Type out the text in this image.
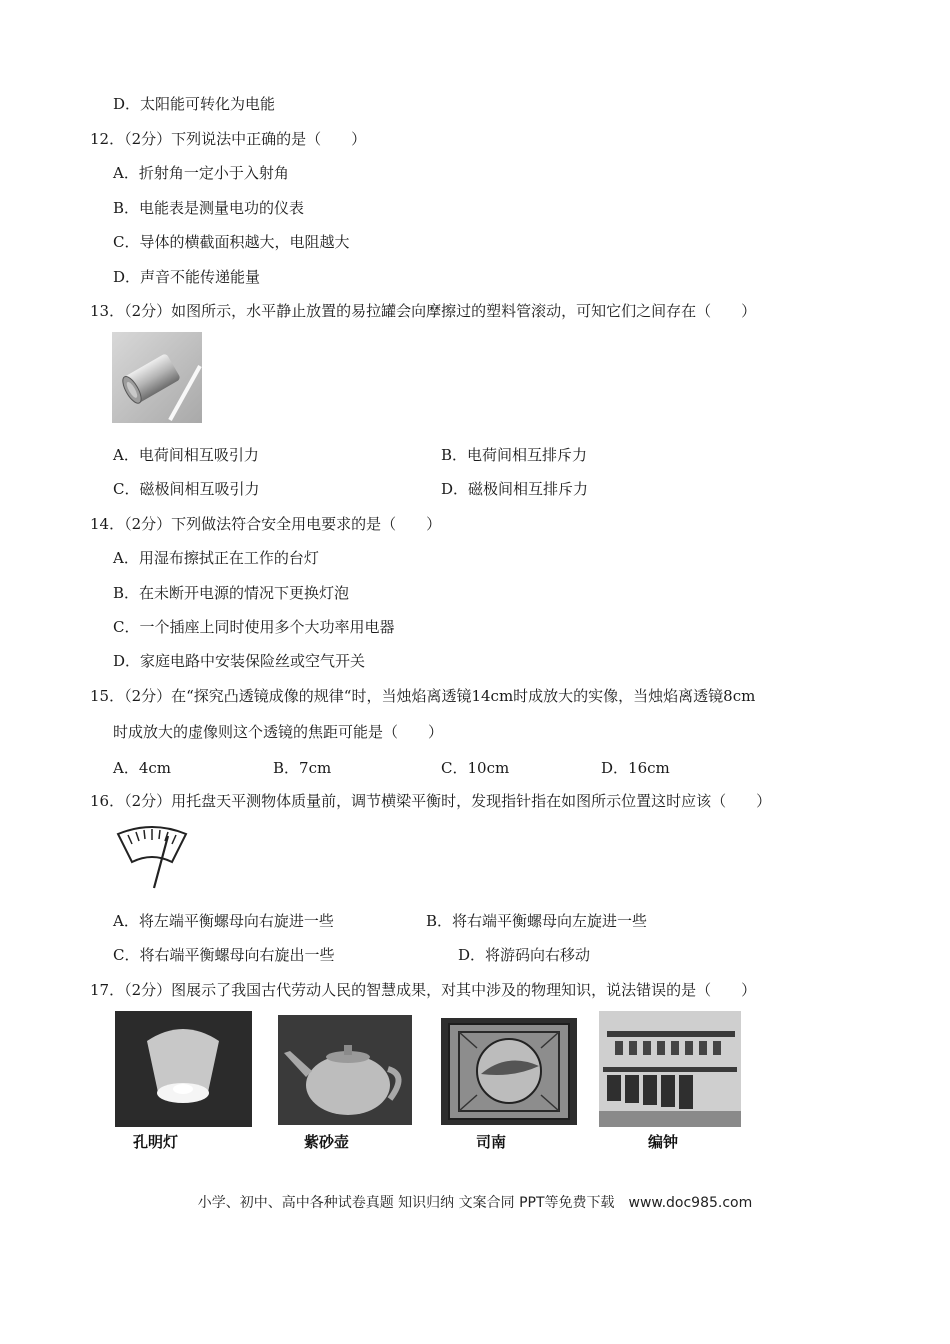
D．太阳能可转化为电能
12．（2分）下列说法中正确的是（　　）
A．折射角一定小于入射角
B．电能表是测量电功的仪表
C．导体的横截面积越大，电阻越大
D．声音不能传递能量
13．（2分）如图所示，水平静止放置的易拉罐会向摩擦过的塑料管滚动，可知它们之间存在（　　）
A．电荷间相互吸引力	B．电荷间相互排斥力
C．磁极间相互吸引力	D．磁极间相互排斥力
14．（2分）下列做法符合安全用电要求的是（　　）
A．用湿布擦拭正在工作的台灯
B．在未断开电源的情况下更换灯泡
C．一个插座上同时使用多个大功率用电器
D．家庭电路中安装保险丝或空气开关
15．（2分）在“探究凸透镜成像的规律“时，当烛焰离透镜14cm时成放大的实像，当烛焰离透镜8cm
时成放大的虚像则这个透镜的焦距可能是（　　）
A．4cm	B．7cm	C．10cm	D．16cm
16．（2分）用托盘天平测物体质量前，调节横梁平衡时，发现指针指在如图所示位置这时应该（　　）
A．将左端平衡螺母向右旋进一些	B．将右端平衡螺母向左旋进一些
C．将右端平衡螺母向右旋出一些	D．将游码向右移动
17．（2分）图展示了我国古代劳动人民的智慧成果，对其中涉及的物理知识，说法错误的是（　　）
孔明灯	紫砂壶	司南	编钟
小学、初中、高中各种试卷真题 知识归纳 文案合同 PPT等免费下载　www.doc985.com
